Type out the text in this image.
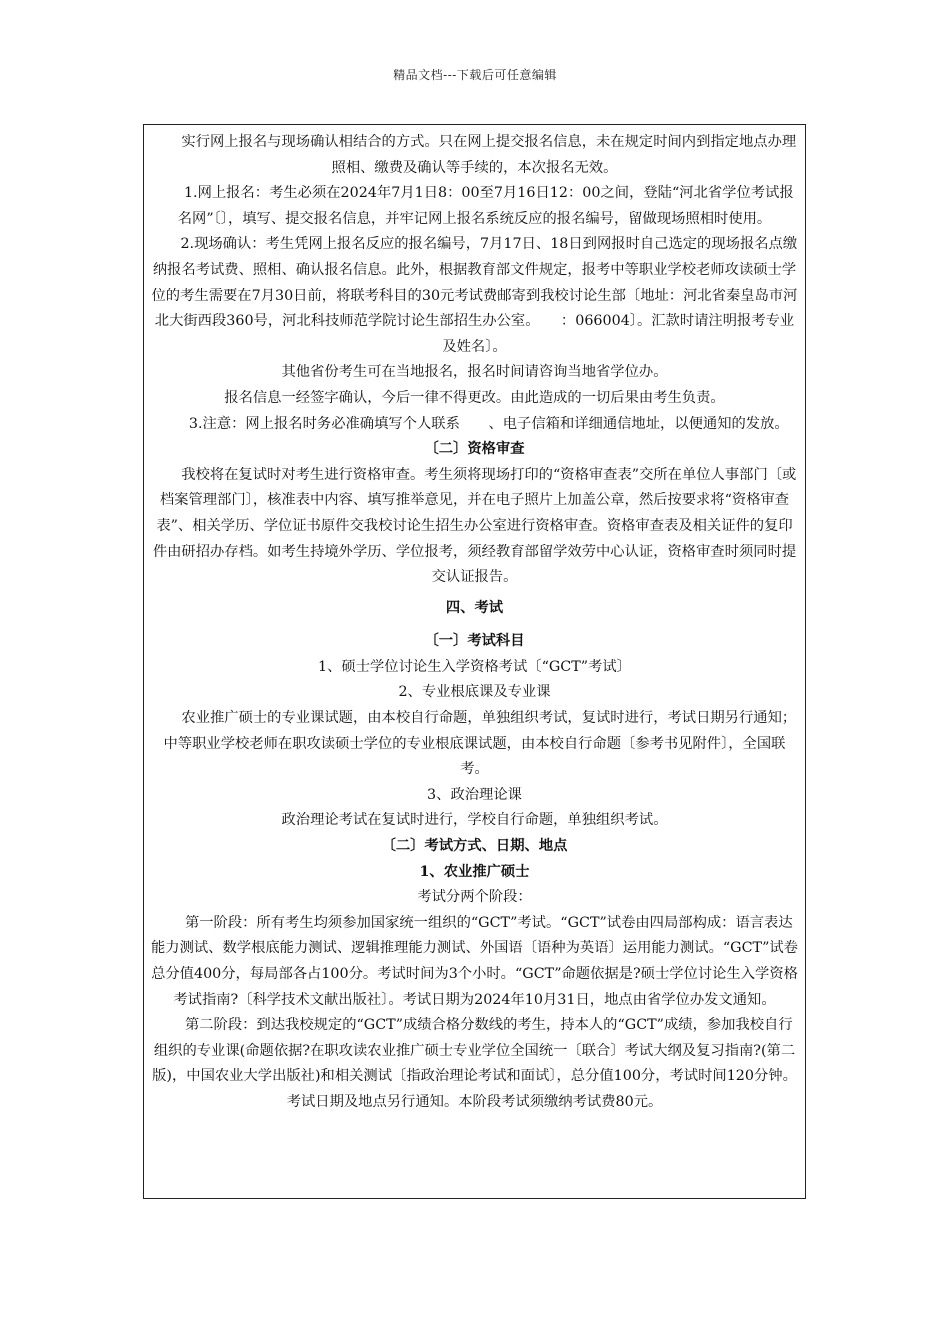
精品文档---下载后可任意编辑

实行网上报名与现场确认相结合的方式。只在网上提交报名信息，未在规定时间内到指定地点办理照相、缴费及确认等手续的，本次报名无效。

1.网上报名：考生必须在2024年7月1日8：00至7月16日12：00之间，登陆“河北省学位考试报名网”〔〕，填写、提交报名信息，并牢记网上报名系统反应的报名编号，留做现场照相时使用。

2.现场确认：考生凭网上报名反应的报名编号，7月17日、18日到网报时自己选定的现场报名点缴纳报名考试费、照相、确认报名信息。此外，根据教育部文件规定，报考中等职业学校老师攻读硕士学位的考生需要在7月30日前，将联考科目的30元考试费邮寄到我校讨论生部〔地址：河北省秦皇岛市河北大街西段360号，河北科技师范学院讨论生部招生办公室。　　：066004〕。汇款时请注明报考专业及姓名〕。

其他省份考生可在当地报名，报名时间请咨询当地省学位办。

报名信息一经签字确认，今后一律不得更改。由此造成的一切后果由考生负责。

3.注意：网上报名时务必准确填写个人联系　　、电子信箱和详细通信地址，以便通知的发放。

〔二〕资格审查

我校将在复试时对考生进行资格审查。考生须将现场打印的“资格审查表”交所在单位人事部门〔或档案管理部门〕，核准表中内容、填写推举意见，并在电子照片上加盖公章，然后按要求将“资格审查表”、相关学历、学位证书原件交我校讨论生招生办公室进行资格审查。资格审查表及相关证件的复印件由研招办存档。如考生持境外学历、学位报考，须经教育部留学效劳中心认证，资格审查时须同时提交认证报告。

四、考试

〔一〕考试科目

1、硕士学位讨论生入学资格考试〔“GCT”考试〕

2、专业根底课及专业课

农业推广硕士的专业课试题，由本校自行命题，单独组织考试，复试时进行，考试日期另行通知；中等职业学校老师在职攻读硕士学位的专业根底课试题，由本校自行命题〔参考书见附件〕，全国联考。

3、政治理论课

政治理论考试在复试时进行，学校自行命题，单独组织考试。

〔二〕考试方式、日期、地点

1、农业推广硕士

考试分两个阶段：

第一阶段：所有考生均须参加国家统一组织的“GCT”考试。“GCT”试卷由四局部构成：语言表达能力测试、数学根底能力测试、逻辑推理能力测试、外国语〔语种为英语〕运用能力测试。“GCT”试卷总分值400分，每局部各占100分。考试时间为3个小时。“GCT”命题依据是?硕士学位讨论生入学资格考试指南?〔科学技术文献出版社〕。考试日期为2024年10月31日，地点由省学位办发文通知。

第二阶段：到达我校规定的“GCT”成绩合格分数线的考生，持本人的“GCT”成绩，参加我校自行组织的专业课(命题依据?在职攻读农业推广硕士专业学位全国统一〔联合〕考试大纲及复习指南?(第二版)，中国农业大学出版社)和相关测试〔指政治理论考试和面试〕，总分值100分，考试时间120分钟。考试日期及地点另行通知。本阶段考试须缴纳考试费80元。
